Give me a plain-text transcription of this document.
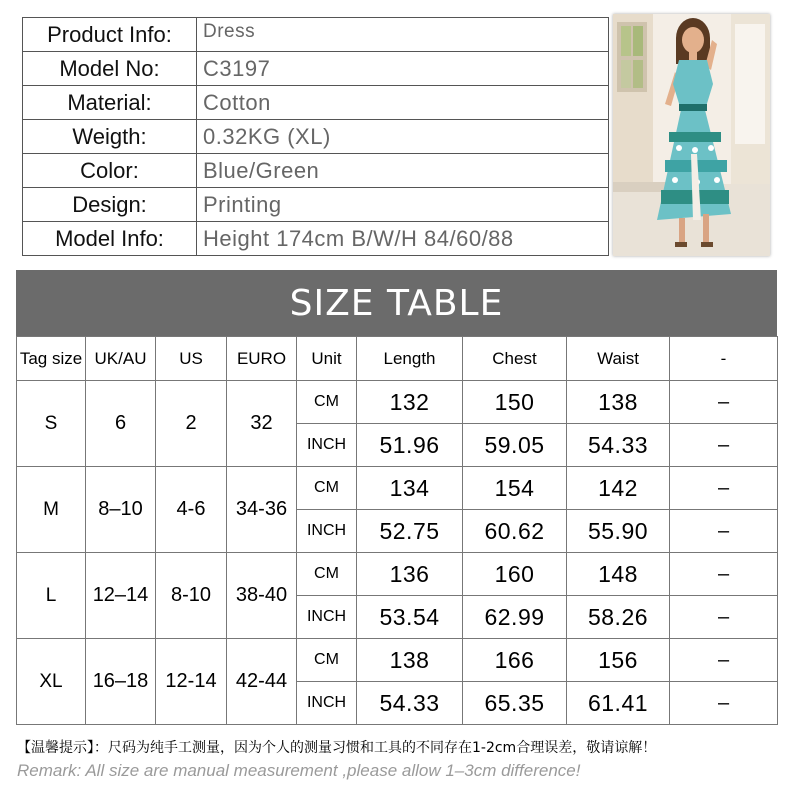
Product Info:	Dress
Model No:	C3197
Material:	Cotton
Weigth:	0.32KG (XL)
Color:	Blue/Green
Design:	Printing
Model Info:	Height 174cm B/W/H 84/60/88
SIZE TABLE
Tag size	UK/AU	US	EURO	Unit	Length	Chest	Waist	-
S	6	2	32	CM	132	150	138	–
				INCH	51.96	59.05	54.33	–
M	8–10	4-6	34-36	CM	134	154	142	–
				INCH	52.75	60.62	55.90	–
L	12–14	8-10	38-40	CM	136	160	148	–
				INCH	53.54	62.99	58.26	–
XL	16–18	12-14	42-44	CM	138	166	156	–
				INCH	54.33	65.35	61.41	–
【温馨提示】：尺码为纯手工测量，因为个人的测量习惯和工具的不同存在1-2cm合理误差，敬请谅解！
Remark: All size are manual measurement ,please allow 1–3cm difference!
